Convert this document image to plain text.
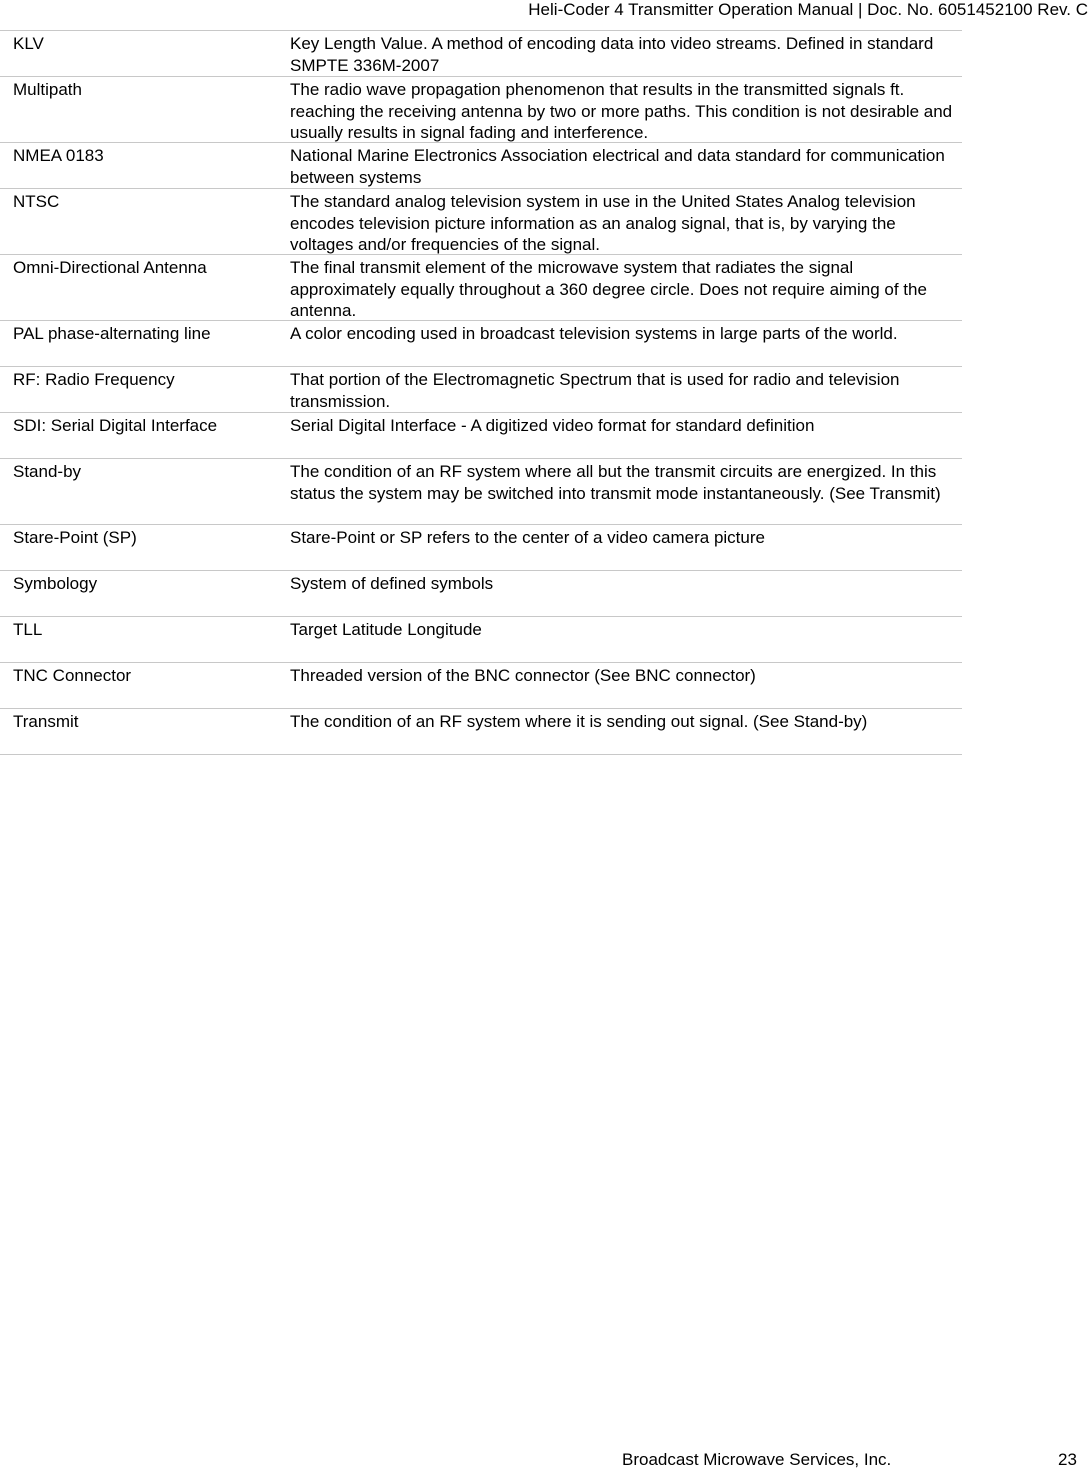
Heli-Coder 4 Transmitter Operation Manual | Doc. No. 6051452100 Rev. C
KLV	Key Length Value. A method of encoding data into video streams. Defined in standard SMPTE 336M-2007
Multipath	The radio wave propagation phenomenon that results in the transmitted signals ft. reaching the receiving antenna by two or more paths. This condition is not desirable and usually results in signal fading and interference.
NMEA 0183	National Marine Electronics Association electrical and data standard for communication between systems
NTSC	The standard analog television system in use in the United States Analog television encodes television picture information as an analog signal, that is, by varying the voltages and/or frequencies of the signal.
Omni-Directional Antenna	The final transmit element of the microwave system that radiates the signal approximately equally throughout a 360 degree circle. Does not require aiming of the antenna.
PAL phase-alternating line	A color encoding used in broadcast television systems in large parts of the world.
RF: Radio Frequency	That portion of the Electromagnetic Spectrum that is used for radio and television transmission.
SDI: Serial Digital Interface	Serial Digital Interface - A digitized video format for standard definition
Stand-by	The condition of an RF system where all but the transmit circuits are energized. In this status the system may be switched into transmit mode instantaneously. (See Transmit)
Stare-Point (SP)	Stare-Point or SP refers to the center of a video camera picture
Symbology	System of defined symbols
TLL	Target Latitude Longitude
TNC Connector	Threaded version of the BNC connector (See BNC connector)
Transmit	The condition of an RF system where it is sending out signal. (See Stand-by)
Broadcast Microwave Services, Inc.	23
